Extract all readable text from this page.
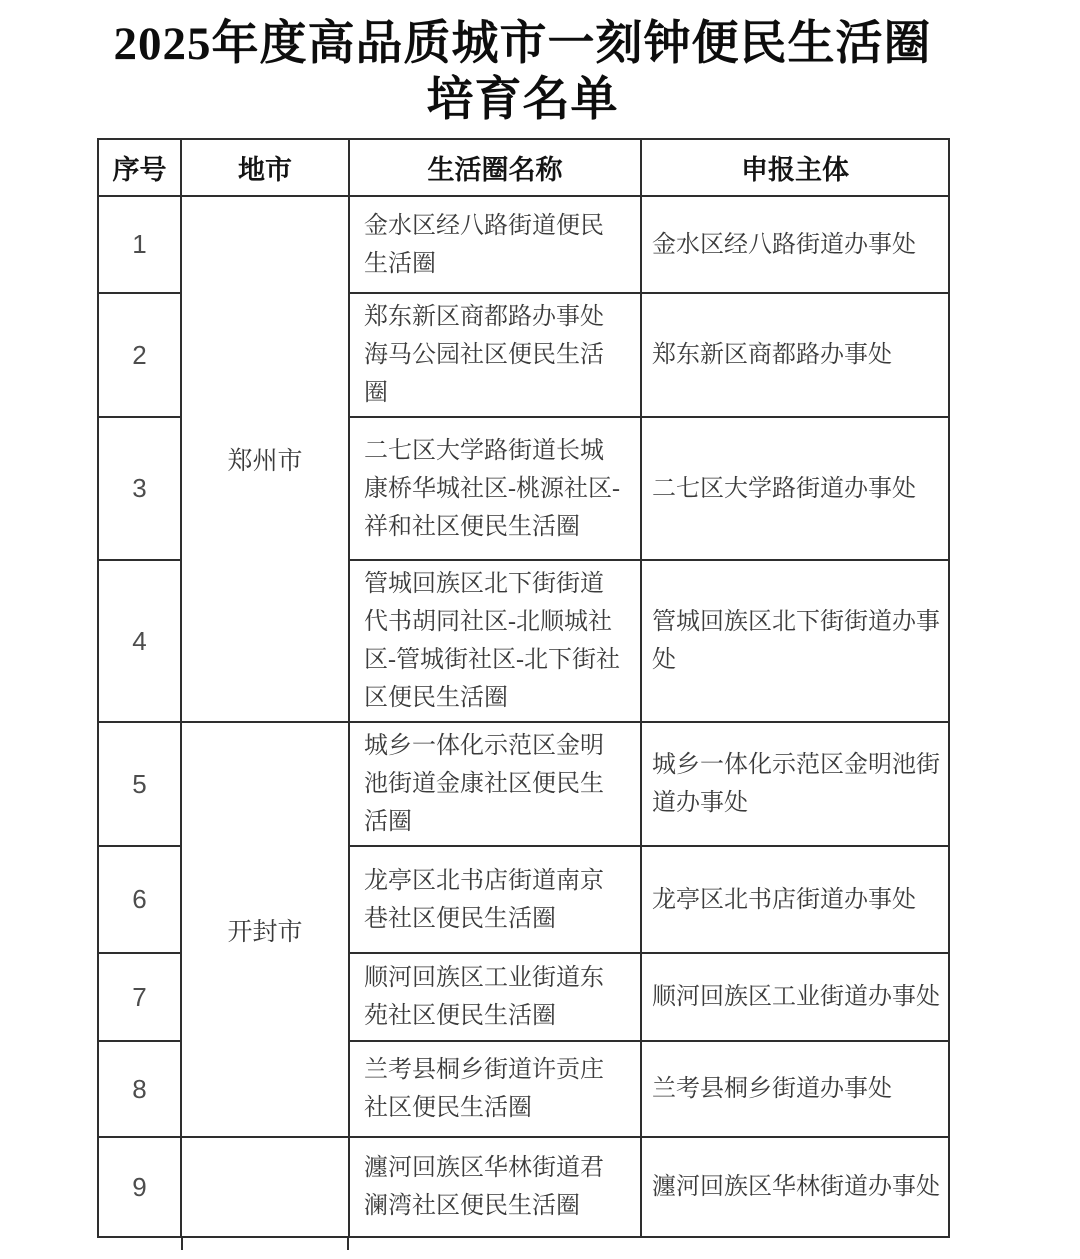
2025年度高品质城市一刻钟便民生活圈
培育名单
序号	地市	生活圈名称	申报主体
1	郑州市	金水区经八路街道便民生活圈	金水区经八路街道办事处
2		郑东新区商都路办事处海马公园社区便民生活圈	郑东新区商都路办事处
3		二七区大学路街道长城康桥华城社区-桃源社区-祥和社区便民生活圈	二七区大学路街道办事处
4		管城回族区北下街街道代书胡同社区-北顺城社区-管城街社区-北下街社区便民生活圈	管城回族区北下街街道办事处
5	开封市	城乡一体化示范区金明池街道金康社区便民生活圈	城乡一体化示范区金明池街道办事处
6		龙亭区北书店街道南京巷社区便民生活圈	龙亭区北书店街道办事处
7		顺河回族区工业街道东苑社区便民生活圈	顺河回族区工业街道办事处
8		兰考县桐乡街道许贡庄社区便民生活圈	兰考县桐乡街道办事处
9		瀍河回族区华林街道君澜湾社区便民生活圈	瀍河回族区华林街道办事处
